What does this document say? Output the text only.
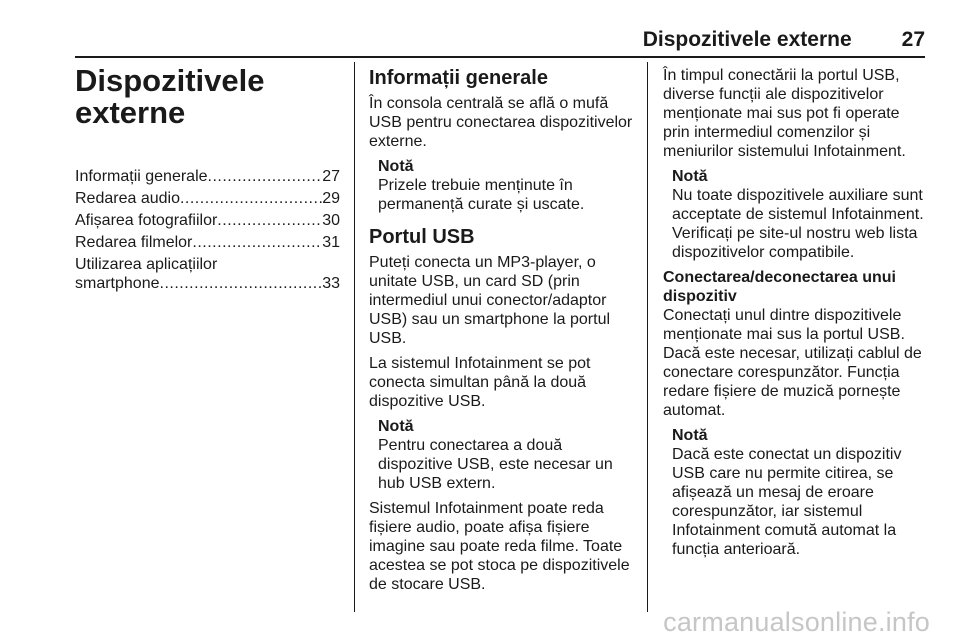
Dispozitivele externe 27
Dispozitivele externe
Informații generale .....	27
Redarea audio .....	29
Afișarea fotografiilor .....	30
Redarea filmelor .....	31
Utilizarea aplicațiilor
smartphone .....	33
Informații generale

În consola centrală se află o mufă USB pentru conectarea dispozitivelor externe.

Notă
Prizele trebuie menținute în permanență curate și uscate.
Portul USB

Puteți conecta un MP3-player, o unitate USB, un card SD (prin intermediul unui conector/adaptor USB) sau un smartphone la portul USB.

La sistemul Infotainment se pot conecta simultan până la două dispozitive USB.

Notă
Pentru conectarea a două dispozitive USB, este necesar un hub USB extern.

Sistemul Infotainment poate reda fișiere audio, poate afișa fișiere imagine sau poate reda filme. Toate acestea se pot stoca pe dispozitivele de stocare USB.

În timpul conectării la portul USB, diverse funcții ale dispozitivelor menționate mai sus pot fi operate prin intermediul comenzilor și meniurilor sistemului Infotainment.

Notă
Nu toate dispozitivele auxiliare sunt acceptate de sistemul Infotainment. Verificați pe site-ul nostru web lista dispozitivelor compatibile.
Conectarea/deconectarea unui dispozitiv

Conectați unul dintre dispozitivele menționate mai sus la portul USB. Dacă este necesar, utilizați cablul de conectare corespunzător. Funcția redare fișiere de muzică pornește automat.

Notă
Dacă este conectat un dispozitiv USB care nu permite citirea, se afișează un mesaj de eroare corespunzător, iar sistemul Infotainment comută automat la funcția anterioară.
carmanualsonline.info
